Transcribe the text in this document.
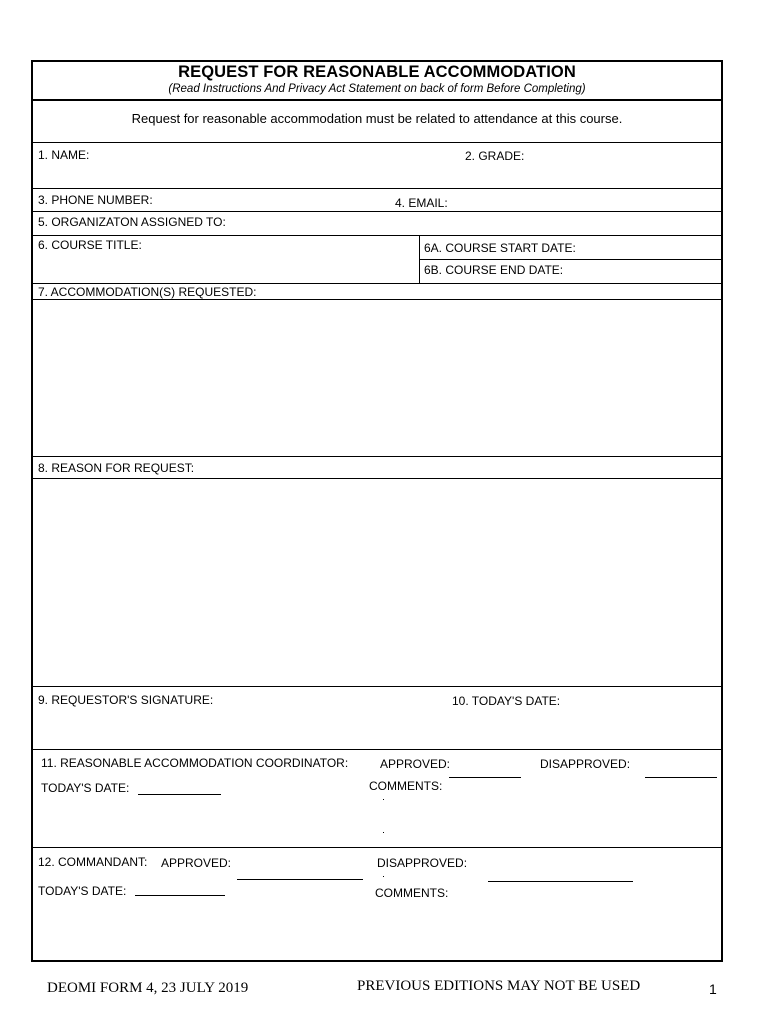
REQUEST FOR REASONABLE ACCOMMODATION
(Read Instructions And Privacy Act Statement on back of form Before Completing)
Request for reasonable accommodation must be related to attendance at this course.
1. NAME:	2. GRADE:
3. PHONE NUMBER:	4. EMAIL:
5. ORGANIZATON ASSIGNED TO:
6. COURSE TITLE:	6A. COURSE START DATE:
6B. COURSE END DATE:
7. ACCOMMODATION(S) REQUESTED:
8. REASON FOR REQUEST:
9. REQUESTOR'S SIGNATURE:	10. TODAY'S DATE:
11. REASONABLE ACCOMMODATION COORDINATOR:	APPROVED:	DISAPPROVED:
TODAY'S DATE:	COMMENTS:
12. COMMANDANT: APPROVED:	DISAPPROVED:
TODAY'S DATE:	COMMENTS:
DEOMI FORM 4, 23 JULY 2019	PREVIOUS EDITIONS MAY NOT BE USED	1
